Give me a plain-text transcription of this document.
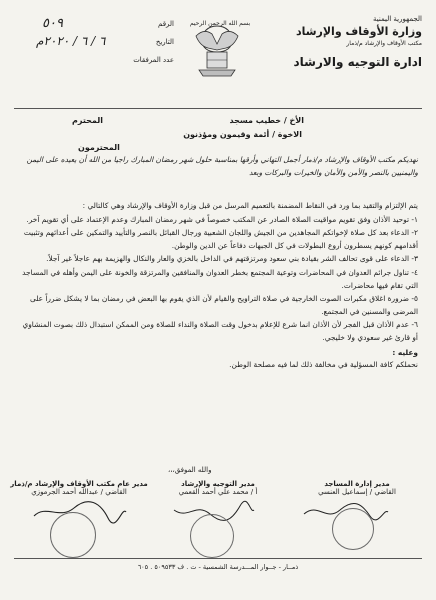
بسم الله الرحمن الرحيم
الجمهورية اليمنية
وزارة الأوقاف والإرشاد
مكتب الأوقاف والإرشاد م/ذمار
ادارة التوجيه والارشاد
٥٠٩	الرقم
٦ / ٦ / ٢٠٢٠م	التاريخ
عدد المرفقات
الأخ / خطيب مسجد
المحترم
الاخوة / أئمة وقيمون ومؤذنون
المحترمون
نهديكم مكتب الأوقاف والإرشاد م/ذمار أجمل التهاني وأرقها بمناسبة حلول شهر رمضان المبارك راجيا من الله أن يعيده على اليمن واليمنيين بالنصر والأمن والأمان والخيرات والبركات وبعد
يتم الإلتزام والتقيد بما ورد في النقاط المضمنة بالتعميم المرسل من قبل وزارة الأوقاف والإرشاد وهي كالتالي :
١- توحيد الأذان وفق تقويم مواقيت الصلاة الصادر عن المكتب خصوصاً في شهر رمضان المبارك وعدم الإعتماد على أي تقويم آخر.
٢- الدعاء بعد كل صلاة لإخواتكم المجاهدين من الجيش واللجان الشعبية ورجال القبائل بالنصر والتأييد والتمكين على أعدائهم وتثبيت أقدامهم كونهم يسطرون أروع البطولات في كل الجبهات دفاعاً عن الدين والوطن.
٣- الدعاء على قوى تحالف الشر بقيادة بني سعود ومرتزقتهم في الداخل بالخزي والعار والنكال والهزيمة بهم عاجلاً غير آجلاً.
٤- تناول جرائم العدوان في المحاضرات وتوعية المجتمع بخطر العدوان والمنافقين والمرتزقة والخونة على اليمن وأهله في المساجد التي تقام فيها محاضرات.
٥- ضرورة اغلاق مكبرات الصوت الخارجية في صلاة التراويح والقيام لأن الذي يقوم بها البعض في رمضان بما لا يشكل ضرراً على المرضى والمسنين في المجتمع.
٦- عدم الأذان قبل الفجر لأن الأذان انما شرع للإعلام بدخول وقت الصلاة والنداء للصلاة ومن الممكن استبدال ذلك بصوت المنشاوي أو قارئ غير سعودي ولا خليجي.
وعليه :
نحملكم كافة المسؤلية في مخالفة ذلك لما فيه مصلحة الوطن.
والله الموفق،،،
مدير إدارة المساجد
القاضي / إسماعيل العنسي
مدير التوجيه والإرشاد
أ / محمد علي أحمد القعمي
مدير عام مكتب الأوقاف والإرشاد م/ذمار
القاضي / عبدالله أحمد الجرموزي
ذمــار - جــوار المـــدرسة الشمسية - ت . ف ٥٠٩٥٣٣ . ٦٠٥
